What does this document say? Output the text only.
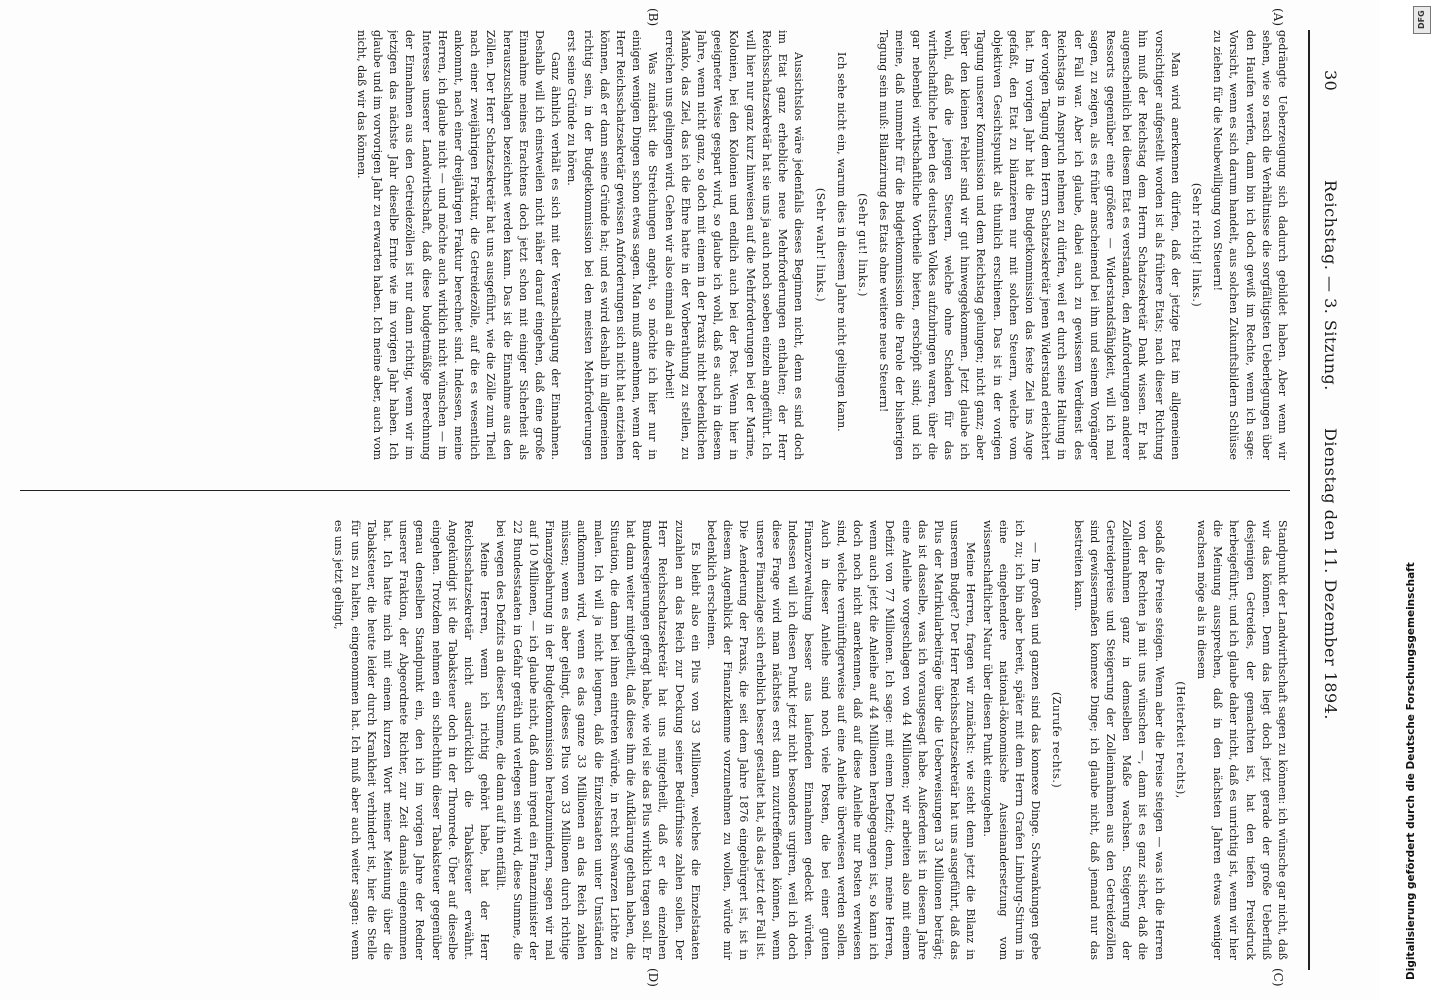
30
Reichstag. — 3. Sitzung.
Dienstag den 11. Dezember 1894.
(A)
(B)
(C)
(D)

gedrängte Ueberzeugung sich dadurch gebildet haben. Aber wenn wir sehen, wie so rasch die Verhältnisse die sorgfältigsten Ueberlegungen über den Haufen werfen, dann bin ich doch gewiß im Rechte, wenn ich sage: Vorsicht, wenn es sich darum handelt, aus solchen Zukunftsbildern Schlüsse zu ziehen für die Neubewilligung von Steuern!

(Sehr richtig! links.)

Man wird anerkennen dürfen, daß der jetzige Etat im allgemeinen vorsichtiger aufgestellt worden ist als frühere Etats; nach dieser Richtung hin muß der Reichstag dem Herrn Schatzsekretär Dank wissen. Er hat augenscheinlich bei diesem Etat es verstanden, den Anforderungen anderer Ressorts gegenüber eine größere — Widerstandsfähigkeit, will ich mal sagen, zu zeigen, als es früher anscheinend bei ihm und seinem Vorgänger der Fall war. Aber ich glaube, dabei auch zu gewissem Verdienst des Reichstags in Anspruch nehmen zu dürfen, weil er durch seine Haltung in der vorigen Tagung dem Herrn Schatzsekretär jenen Widerstand erleichtert hat. Im vorigen Jahr hat die Budgetkommission das feste Ziel ins Auge gefaßt, den Etat zu bilanzieren nur mit solchen Steuern, welche vom objektiven Gesichtspunkt als thunlich erschienen. Das ist in der vorigen Tagung unserer Kommission und dem Reichstag gelungen; nicht ganz; aber über den kleinen Fehler sind wir gut hinweggekommen. Jetzt glaube ich wohl, daß die jenigen Steuern, welche ohne Schaden für das wirthschaftliche Leben des deutschen Volkes aufzubringen waren, über die gar nebenbei wirthschaftliche Vortheile bieten, erschöpft sind; und ich meine, daß nunmehr für die Budgetkommission die Parole der bisherigen Tagung sein muß: Bilanzirung des Etats ohne weitere neue Steuern!

(Sehr gut! links.)

Ich sehe nicht ein, warum dies in diesem Jahre nicht gelingen kann.

(Sehr wahr! links.)

Aussichtslos wäre jedenfalls dieses Beginnen nicht, denn es sind doch im Etat ganz erhebliche neue Mehrforderungen enthalten; der Herr Reichsschatzsekretär hat sie uns ja auch noch soeben einzeln angeführt. Ich will hier nur ganz kurz hinweisen auf die Mehrforderungen bei der Marine, Kolonien, bei den Kolonien und endlich auch bei der Post. Wenn hier in geeigneter Weise gespart wird, so glaube ich wohl, daß es auch in diesem Jahre, wenn nicht ganz, so doch mit einem in der Praxis nicht bedenklichen Manko, das Ziel, das ich die Ehre hatte in der Vorberathung zu stellen, zu erreichen uns gelingen wird. Gehen wir also einmal an die Arbeit!

Was zunächst die Streichungen angeht, so möchte ich hier nur in einigen wenigen Dingen schon etwas sagen. Man muß annehmen, wenn der Herr Reichsschatzsekretär gewissen Anforderungen sich nicht hat entziehen können, daß er dann seine Gründe hat; und es wird deshalb im allgemeinen richtig sein, in der Budgetkommission bei den meisten Mehrforderungen erst seine Gründe zu hören.

Ganz ähnlich verhält es sich mit der Veranschlagung der Einnahmen. Deshalb will ich einstweilen nicht näher darauf eingehen, daß eine große Einnahme meines Erachtens doch jetzt schon mit einiger Sicherheit als herauszuschlagen bezeichnet werden kann. Das ist die Einnahme aus den Zöllen. Der Herr Schatzsekretär hat uns ausgeführt, wie die Zölle zum Theil nach einer zweijährigen Fraktur, die Getreidezölle, auf die es wesentlich ankommt, nach einer dreijährigen Fraktur berechnet sind. Indessen, meine Herren, ich glaube nicht — und möchte auch wirklich nicht wünschen — im Interesse unserer Landwirthschaft, daß diese budgetmäßige Berechnung der Einnahmen aus den Getreidezöllen ist nur dann richtig, wenn wir im jetzigen das nächste Jahr dieselbe Ernte wie im vorigen Jahr haben. Ich glaube und im vorvorigen Jahr zu erwarten haben. Ich meine aber, auch vom nicht, daß wir das können.

Standpunkt der Landwirthschaft sagen zu können: ich wünsche gar nicht, daß wir das können. Denn das liegt doch jetzt gerade der große Ueberfluß desjenigen Getreides, der gemachten ist, hat den tiefen Preisdruck herbeigeführt; und ich glaube daher nicht, daß es unrichtig ist, wenn wir hier die Meinung aussprechen, daß in den nächsten Jahren etwas weniger wachsen möge als in diesem

(Heiterkeit rechts),

sodaß die Preise steigen. Wenn aber die Preise steigen — was ich die Herren von der Rechten ja mit uns wünschen —, dann ist es ganz sicher, daß die Zolleinnahmen ganz in demselben Maße wachsen. Steigerung der Getreidepreise und Steigerung der Zolleinnahmen aus den Getreidezöllen sind gewissermaßen konnexe Dinge; ich glaube nicht, daß jemand nur das bestreiten kann.

(Zurufe rechts.)

— Im großen und ganzen sind das konnexe Dinge. Schwankungen gebe ich zu; ich bin aber bereit, später mit dem Herrn Grafen Limburg-Stirum in eine eingehendere national-ökonomische Auseinandersetzung vom wissenschaftlicher Natur über diesen Punkt einzugehen.

Meine Herren, fragen wir zunächst: wie steht denn jetzt die Bilanz in unserem Budget? Der Herr Reichsschatzsekretär hat uns ausgeführt, daß das Plus der Matrikularbeiträge über die Ueberweisungen 33 Millionen beträgt; das ist dasselbe, was ich vorausgesagt habe. Außerdem ist in diesem Jahre eine Anleihe vorgeschlagen von 44 Millionen; wir arbeiten also mit einem Defizit von 77 Millionen. Ich sage: mit einem Defizit; denn, meine Herren, wenn auch jetzt die Anleihe auf 44 Millionen herabgegangen ist, so kann ich doch noch nicht anerkennen, daß auf diese Anleihe nur Posten verwiesen sind, welche vernünftigerweise auf eine Anleihe überwiesen werden sollen. Auch in dieser Anleihe sind noch viele Posten, die bei einer guten Finanzverwaltung besser aus laufenden Einnahmen gedeckt würden. Indessen will ich diesen Punkt jetzt nicht besonders urgiren, weil ich doch diese Frage wird man nächstes erst dann zuzutreffenden können, wenn unsere Finanzlage sich erheblich besser gestaltet hat, als das jetzt der Fall ist. Die Aenderung der Praxis, die seit dem Jahre 1876 eingebürgert ist, ist in diesem Augenblick der Finanzklemme vorzunehmen zu wollen, würde mir bedenklich erscheinen.

Es bleibt also ein Plus von 33 Millionen, welches die Einzelstaaten zuzahlen an das Reich zur Deckung seiner Bedürfnisse zahlen sollen. Der Herr Reichsschatzsekretär hat uns mitgetheilt, daß er die einzelnen Bundesregierungen gefragt habe, wie viel sie das Plus wirklich tragen soll. Er hat dann weiter mitgetheilt, daß diese ihm die Aufklärung gethan haben, die Situation, die dann bei ihnen eintreten würde, in recht schwarzen Lichte zu malen. Ich will ja nicht leugnen, daß die Einzelstaaten unter Umständen aufkommen wird, wenn es das ganze 33 Millionen an das Reich zahlen müssen; wenn es aber gelingt, dieses Plus von 33 Millionen durch richtige Finanzgebahrung in der Budgetkommission herabzumindern, sagen wir mal auf 10 Millionen, — ich glaube nicht, daß dann irgend ein Finanzminister der 22 Bundesstaaten in Gefahr geräth und verlegen sein wird, diese Summe, die bei wegen des Defizits an dieser Summe, die dann auf ihn entfällt.

Meine Herren, wenn ich richtig gehört habe, hat der Herr Reichsschatzsekretär nicht ausdrücklich die Tabaksteuer erwähnt. Angekündigt ist die Tabaksteuer doch in der Thronrede. Über auf dieselbe eingehen. Trotzdem nehmen ein schlechthin dieser Tabaksteuer gegenüber genau denselben Standpunkt ein, den ich im vorigen Jahre der Redner unserer Fraktion, der Abgeordnete Richter, zur Zeit damals eingenommen hat. Ich hatte mich mit einem kurzen Wort meiner Meinung über die Tabaksteuer, die heute leider durch Krankheit verhindert ist, hier die Stelle für uns zu halten, eingenommen hat. Ich muß aber auch weiter sagen: wenn es uns jetzt gelingt,

DFG
Digitalisierung gefördert durch die Deutsche Forschungsgemeinschaft
